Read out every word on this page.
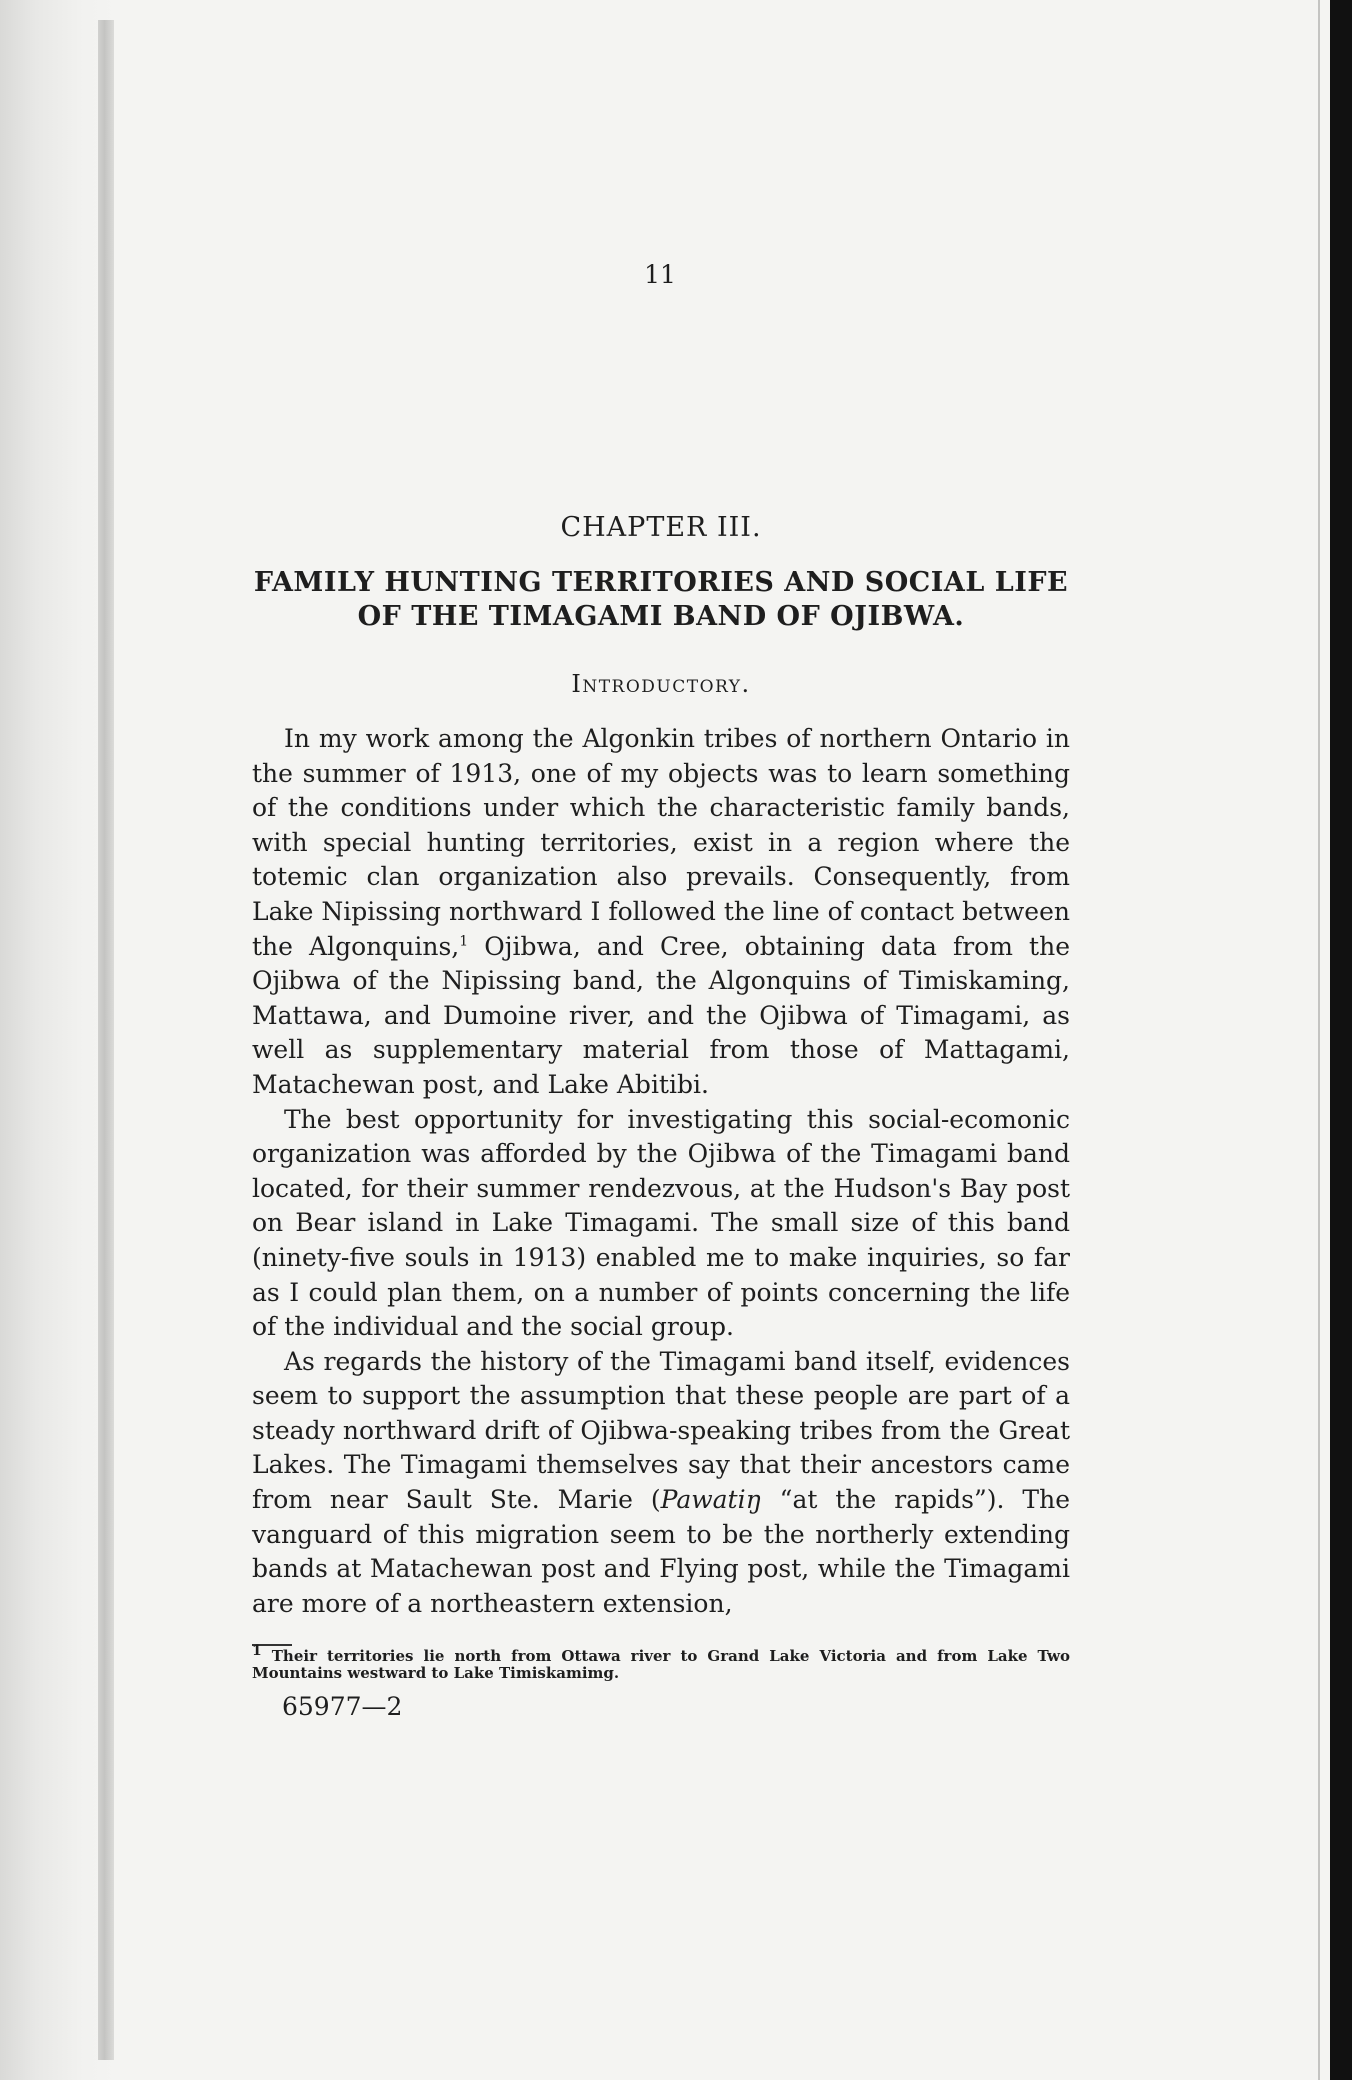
11
CHAPTER III.
FAMILY HUNTING TERRITORIES AND SOCIAL LIFE
OF THE TIMAGAMI BAND OF OJIBWA.
Introductory.

In my work among the Algonkin tribes of northern Ontario in the summer of 1913, one of my objects was to learn something of the conditions under which the characteristic family bands, with special hunting territories, exist in a region where the totemic clan organization also prevails. Consequently, from Lake Nipissing northward I followed the line of contact between the Algonquins,$^1$ Ojibwa, and Cree, obtaining data from the Ojibwa of the Nipissing band, the Algonquins of Timiskaming, Mattawa, and Dumoine river, and the Ojibwa of Timagami, as well as supplementary material from those of Mattagami, Matachewan post, and Lake Abitibi.

The best opportunity for investigating this social-ecomonic organization was afforded by the Ojibwa of the Timagami band located, for their summer rendezvous, at the Hudson's Bay post on Bear island in Lake Timagami. The small size of this band (ninety-five souls in 1913) enabled me to make inquiries, so far as I could plan them, on a number of points concerning the life of the individual and the social group.

As regards the history of the Timagami band itself, evidences seem to support the assumption that these people are part of a steady northward drift of Ojibwa-speaking tribes from the Great Lakes. The Timagami themselves say that their ancestors came from near Sault Ste. Marie (Pawatiŋ “at the rapids”). The vanguard of this migration seem to be the northerly extending bands at Matachewan post and Flying post, while the Timagami are more of a northeastern extension,

$^1$ Their territories lie north from Ottawa river to Grand Lake Victoria and from Lake Two Mountains westward to Lake Timiskamimg.
65977—2
